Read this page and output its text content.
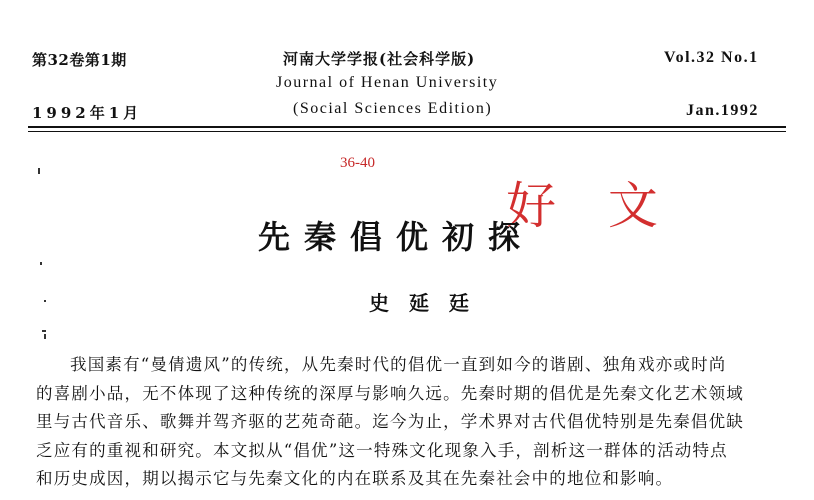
第32卷第1期
1992年1月
河南大学学报(社会科学版)
Journal of Henan University
(Social Sciences Edition)
Vol.32 No.1
Jan.1992
36-40
好 文
先秦倡优初探
史延廷
我国素有“曼倩遗风”的传统，从先秦时代的倡优一直到如今的谐剧、独角戏亦或时尚
的喜剧小品，无不体现了这种传统的深厚与影响久远。先秦时期的倡优是先秦文化艺术领域
里与古代音乐、歌舞并驾齐驱的艺苑奇葩。迄今为止，学术界对古代倡优特别是先秦倡优缺
乏应有的重视和研究。本文拟从“倡优”这一特殊文化现象入手，剖析这一群体的活动特点
和历史成因，期以揭示它与先秦文化的内在联系及其在先秦社会中的地位和影响。
